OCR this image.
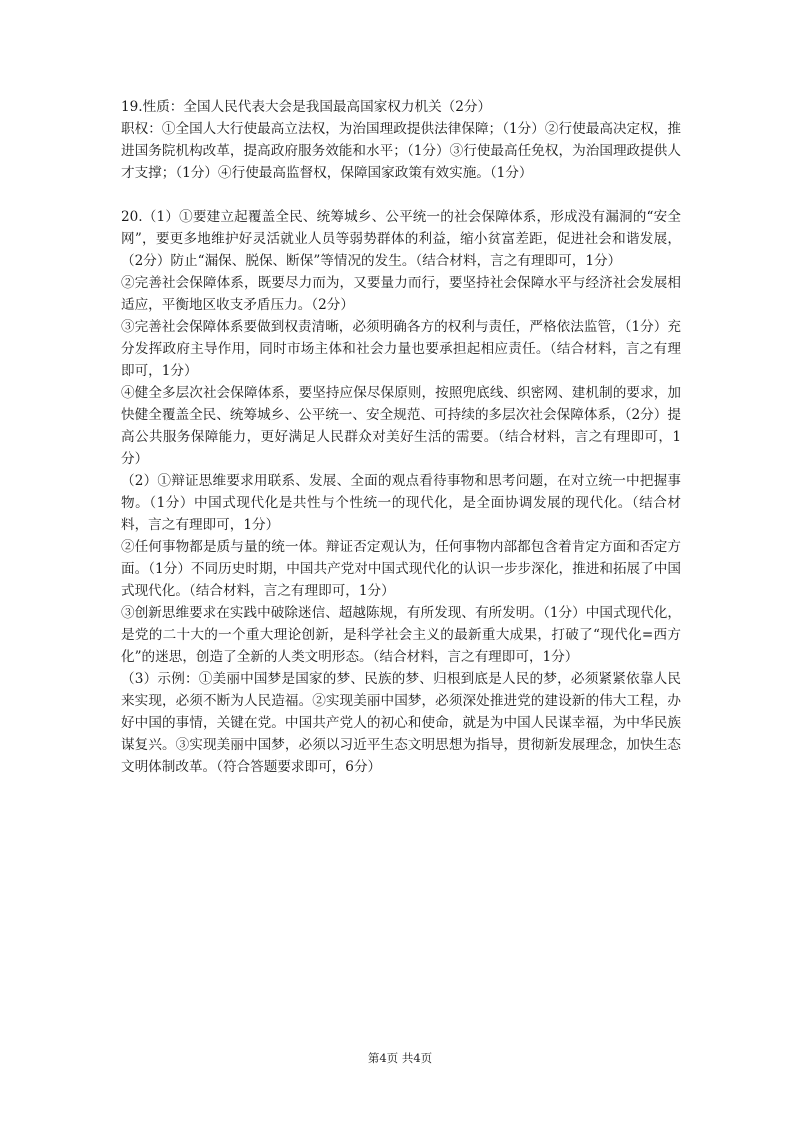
19.性质：全国人民代表大会是我国最高国家权力机关（2分）

职权：①全国人大行使最高立法权，为治国理政提供法律保障；（1分）②行使最高决定权，推进国务院机构改革，提高政府服务效能和水平；（1分）③行使最高任免权，为治国理政提供人才支撑；（1分）④行使最高监督权，保障国家政策有效实施。（1分）

20.（1）①要建立起覆盖全民、统筹城乡、公平统一的社会保障体系，形成没有漏洞的“安全网”，要更多地维护好灵活就业人员等弱势群体的利益，缩小贫富差距，促进社会和谐发展，（2分）防止“漏保、脱保、断保”等情况的发生。（结合材料，言之有理即可，1分）

②完善社会保障体系，既要尽力而为，又要量力而行，要坚持社会保障水平与经济社会发展相适应，平衡地区收支矛盾压力。（2分）

③完善社会保障体系要做到权责清晰，必须明确各方的权利与责任，严格依法监管，（1分）充分发挥政府主导作用，同时市场主体和社会力量也要承担起相应责任。（结合材料，言之有理即可，1分）

④健全多层次社会保障体系，要坚持应保尽保原则，按照兜底线、织密网、建机制的要求，加快健全覆盖全民、统筹城乡、公平统一、安全规范、可持续的多层次社会保障体系，（2分）提高公共服务保障能力，更好满足人民群众对美好生活的需要。（结合材料，言之有理即可，1分）

（2）①辩证思维要求用联系、发展、全面的观点看待事物和思考问题，在对立统一中把握事物。（1分）中国式现代化是共性与个性统一的现代化，是全面协调发展的现代化。（结合材料，言之有理即可，1分）

②任何事物都是质与量的统一体。辩证否定观认为，任何事物内部都包含着肯定方面和否定方面。（1分）不同历史时期，中国共产党对中国式现代化的认识一步步深化，推进和拓展了中国式现代化。（结合材料，言之有理即可，1分）

③创新思维要求在实践中破除迷信、超越陈规，有所发现、有所发明。（1分）中国式现代化，是党的二十大的一个重大理论创新，是科学社会主义的最新重大成果，打破了“现代化=西方化”的迷思，创造了全新的人类文明形态。（结合材料，言之有理即可，1分）

（3）示例：①美丽中国梦是国家的梦、民族的梦、归根到底是人民的梦，必须紧紧依靠人民来实现，必须不断为人民造福。②实现美丽中国梦，必须深处推进党的建设新的伟大工程，办好中国的事情，关键在党。中国共产党人的初心和使命，就是为中国人民谋幸福，为中华民族谋复兴。③实现美丽中国梦，必须以习近平生态文明思想为指导，贯彻新发展理念，加快生态文明体制改革。（符合答题要求即可，6分）

第4页 共4页
